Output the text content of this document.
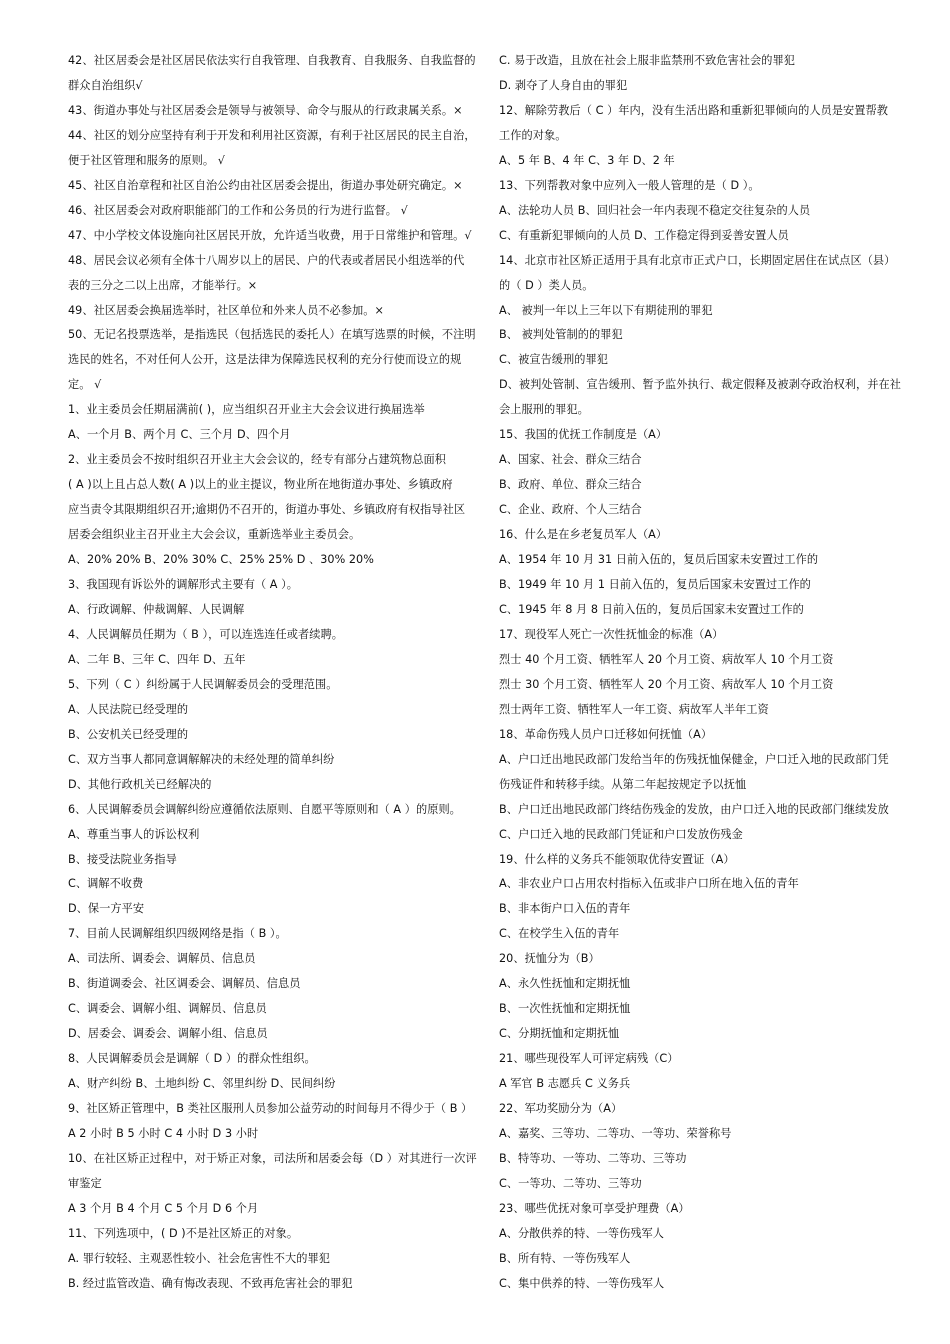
42、社区居委会是社区居民依法实行自我管理、自我教育、自我服务、自我监督的
群众自治组织√
43、街道办事处与社区居委会是领导与被领导、命令与服从的行政隶属关系。×
44、社区的划分应坚持有利于开发和利用社区资源，有利于社区居民的民主自治，
便于社区管理和服务的原则。 √
45、社区自治章程和社区自治公约由社区居委会提出，街道办事处研究确定。×
46、社区居委会对政府职能部门的工作和公务员的行为进行监督。 √
47、中小学校文体设施向社区居民开放，允许适当收费，用于日常维护和管理。√
48、居民会议必须有全体十八周岁以上的居民、户的代表或者居民小组选举的代
表的三分之二以上出席，才能举行。×
49、社区居委会换届选举时，社区单位和外来人员不必参加。×
50、无记名投票选举，是指选民（包括选民的委托人）在填写选票的时候，不注明
选民的姓名，不对任何人公开，这是法律为保障选民权利的充分行使而设立的规
定。 √
1、业主委员会任期届满前( )，应当组织召开业主大会会议进行换届选举
A、一个月 B、两个月 C、三个月 D、四个月
2、业主委员会不按时组织召开业主大会会议的，经专有部分占建筑物总面积
( A )以上且占总人数( A )以上的业主提议，物业所在地街道办事处、乡镇政府
应当责令其限期组织召开;逾期仍不召开的，街道办事处、乡镇政府有权指导社区
居委会组织业主召开业主大会会议，重新选举业主委员会。
A、20% 20% B、20% 30% C、25% 25% D 、30% 20%
3、我国现有诉讼外的调解形式主要有（ A ）。
A、行政调解、仲裁调解、人民调解
4、人民调解员任期为（ B ），可以连选连任或者续聘。
A、二年 B、三年 C、四年 D、五年
5、下列（ C ）纠纷属于人民调解委员会的受理范围。
A、人民法院已经受理的
B、公安机关已经受理的
C、双方当事人都同意调解解决的未经处理的简单纠纷
D、其他行政机关已经解决的
6、人民调解委员会调解纠纷应遵循依法原则、自愿平等原则和（ A ）的原则。
A、尊重当事人的诉讼权利
B、接受法院业务指导
C、调解不收费
D、保一方平安
7、目前人民调解组织四级网络是指（ B ）。
A、司法所、调委会、调解员、信息员
B、街道调委会、社区调委会、调解员、信息员
C、调委会、调解小组、调解员、信息员
D、居委会、调委会、调解小组、信息员
8、人民调解委员会是调解（ D ）的群众性组织。
A、财产纠纷 B、土地纠纷 C、邻里纠纷 D、民间纠纷
9、社区矫正管理中，B 类社区服刑人员参加公益劳动的时间每月不得少于（ B ）
A 2 小时 B 5 小时 C 4 小时 D 3 小时
10、在社区矫正过程中，对于矫正对象，司法所和居委会每（D ）对其进行一次评
审鉴定
A 3 个月 B 4 个月 C 5 个月 D 6 个月
11、下列选项中，( D )不是社区矫正的对象。
A. 罪行较轻、主观恶性较小、社会危害性不大的罪犯
B. 经过监管改造、确有悔改表现、不致再危害社会的罪犯
C. 易于改造，且放在社会上服非监禁刑不致危害社会的罪犯
D. 剥夺了人身自由的罪犯
12、解除劳教后（ C ）年内，没有生活出路和重新犯罪倾向的人员是安置帮教
工作的对象。
A、5 年 B、4 年 C、3 年 D、2 年
13、下列帮教对象中应列入一般人管理的是（ D ）。
A、法轮功人员 B、回归社会一年内表现不稳定交往复杂的人员
C、有重新犯罪倾向的人员 D、工作稳定得到妥善安置人员
14、北京市社区矫正适用于具有北京市正式户口，长期固定居住在试点区（县）
的（ D ）类人员。
A、 被判一年以上三年以下有期徒刑的罪犯
B、 被判处管制的的罪犯
C、被宣告缓刑的罪犯
D、被判处管制、宣告缓刑、暂予监外执行、裁定假释及被剥夺政治权利，并在社
会上服刑的罪犯。
15、我国的优抚工作制度是（A）
A、国家、社会、群众三结合
B、政府、单位、群众三结合
C、企业、政府、个人三结合
16、什么是在乡老复员军人（A）
A、1954 年 10 月 31 日前入伍的，复员后国家未安置过工作的
B、1949 年 10 月 1 日前入伍的，复员后国家未安置过工作的
C、1945 年 8 月 8 日前入伍的，复员后国家未安置过工作的
17、现役军人死亡一次性抚恤金的标准（A）
烈士 40 个月工资、牺牲军人 20 个月工资、病故军人 10 个月工资
烈士 30 个月工资、牺牲军人 20 个月工资、病故军人 10 个月工资
烈士两年工资、牺牲军人一年工资、病故军人半年工资
18、革命伤残人员户口迁移如何抚恤（A）
A、户口迁出地民政部门发给当年的伤残抚恤保健金，户口迁入地的民政部门凭
伤残证件和转移手续。从第二年起按规定予以抚恤
B、户口迁出地民政部门终结伤残金的发放，由户口迁入地的民政部门继续发放
C、户口迁入地的民政部门凭证和户口发放伤残金
19、什么样的义务兵不能领取优待安置证（A）
A、非农业户口占用农村指标入伍或非户口所在地入伍的青年
B、非本街户口入伍的青年
C、在校学生入伍的青年
20、抚恤分为（B）
A、永久性抚恤和定期抚恤
B、一次性抚恤和定期抚恤
C、分期抚恤和定期抚恤
21、哪些现役军人可评定病残（C）
A 军官 B 志愿兵 C 义务兵
22、军功奖励分为（A）
A、嘉奖、三等功、二等功、一等功、荣誉称号
B、特等功、一等功、二等功、三等功
C、一等功、二等功、三等功
23、哪些优抚对象可享受护理费（A）
A、分散供养的特、一等伤残军人
B、所有特、一等伤残军人
C、集中供养的特、一等伤残军人
